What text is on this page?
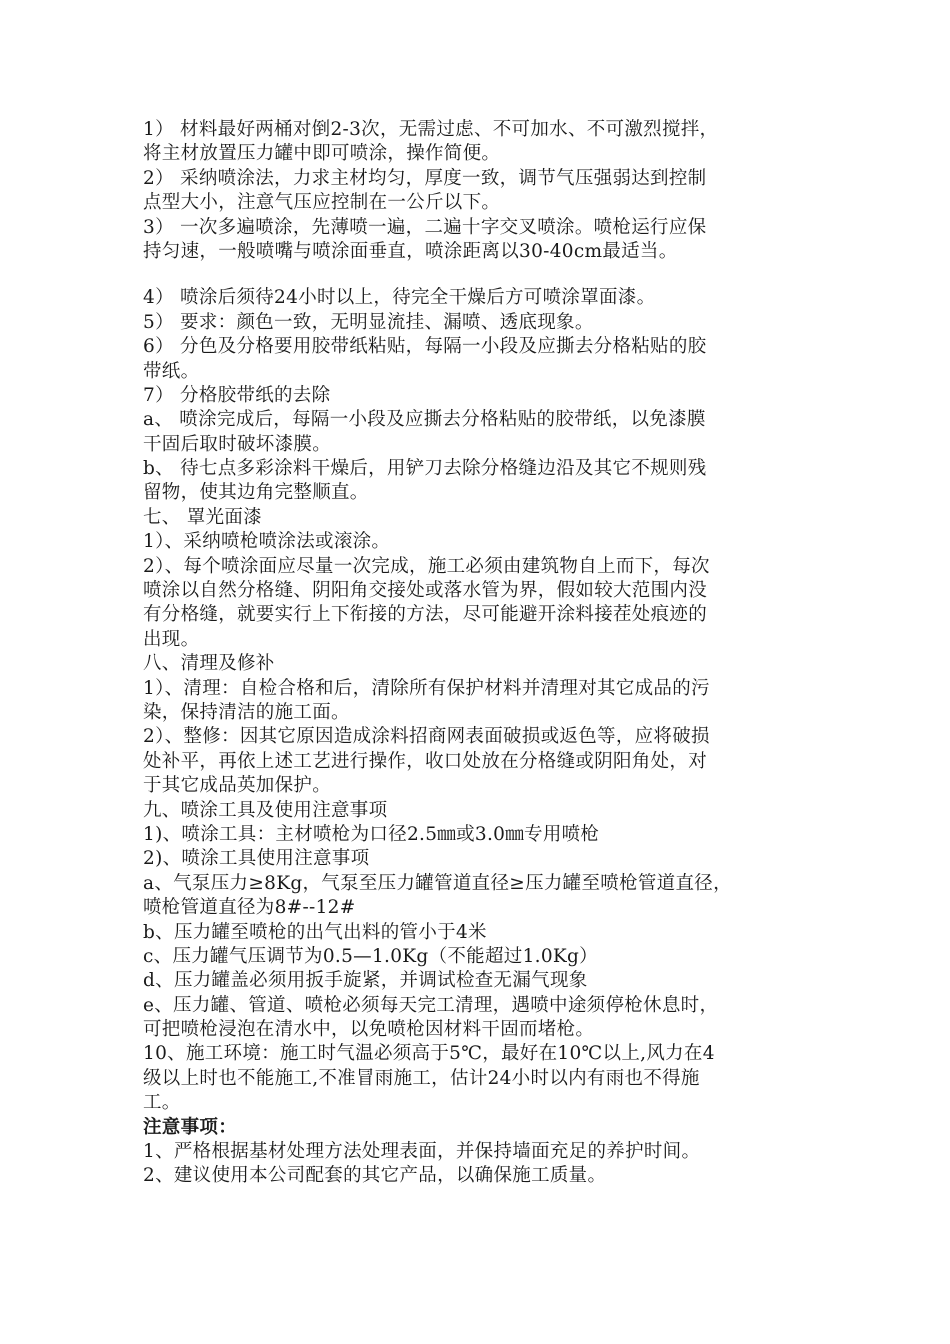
1） 材料最好两桶对倒2-3次，无需过虑、不可加水、不可激烈搅拌，
将主材放置压力罐中即可喷涂，操作简便。
2） 采纳喷涂法，力求主材均匀，厚度一致，调节气压强弱达到控制
点型大小，注意气压应控制在一公斤以下。
3） 一次多遍喷涂，先薄喷一遍，二遍十字交叉喷涂。喷枪运行应保
持匀速，一般喷嘴与喷涂面垂直，喷涂距离以30-40cm最适当。
4） 喷涂后须待24小时以上，待完全干燥后方可喷涂罩面漆。
5） 要求：颜色一致，无明显流挂、漏喷、透底现象。
6） 分色及分格要用胶带纸粘贴，每隔一小段及应撕去分格粘贴的胶
带纸。
7） 分格胶带纸的去除
a、 喷涂完成后，每隔一小段及应撕去分格粘贴的胶带纸，以免漆膜
干固后取时破坏漆膜。
b、 待七点多彩涂料干燥后，用铲刀去除分格缝边沿及其它不规则残
留物，使其边角完整顺直。
七、 罩光面漆
1）、采纳喷枪喷涂法或滚涂。
2）、每个喷涂面应尽量一次完成，施工必须由建筑物自上而下，每次
喷涂以自然分格缝、阴阳角交接处或落水管为界，假如较大范围内没
有分格缝，就要实行上下衔接的方法，尽可能避开涂料接茬处痕迹的
出现。
八、清理及修补
1）、清理：自检合格和后，清除所有保护材料并清理对其它成品的污
染，保持清洁的施工面。
2）、整修：因其它原因造成涂料招商网表面破损或返色等，应将破损
处补平，再依上述工艺进行操作，收口处放在分格缝或阴阳角处，对
于其它成品英加保护。
九、喷涂工具及使用注意事项
1)、喷涂工具：主材喷枪为口径2.5㎜或3.0㎜专用喷枪
2)、喷涂工具使用注意事项
a、气泵压力≥8Kg，气泵至压力罐管道直径≥压力罐至喷枪管道直径，
喷枪管道直径为8#--12#
b、压力罐至喷枪的出气出料的管小于4米
c、压力罐气压调节为0.5—1.0Kg（不能超过1.0Kg）
d、压力罐盖必须用扳手旋紧，并调试检查无漏气现象
e、压力罐、管道、喷枪必须每天完工清理，遇喷中途须停枪休息时，
可把喷枪浸泡在清水中，以免喷枪因材料干固而堵枪。
10、施工环境：施工时气温必须高于5℃，最好在10℃以上,风力在4
级以上时也不能施工,不准冒雨施工，估计24小时以内有雨也不得施
工。
注意事项：
1、严格根据基材处理方法处理表面，并保持墙面充足的养护时间。
2、建议使用本公司配套的其它产品，以确保施工质量。
